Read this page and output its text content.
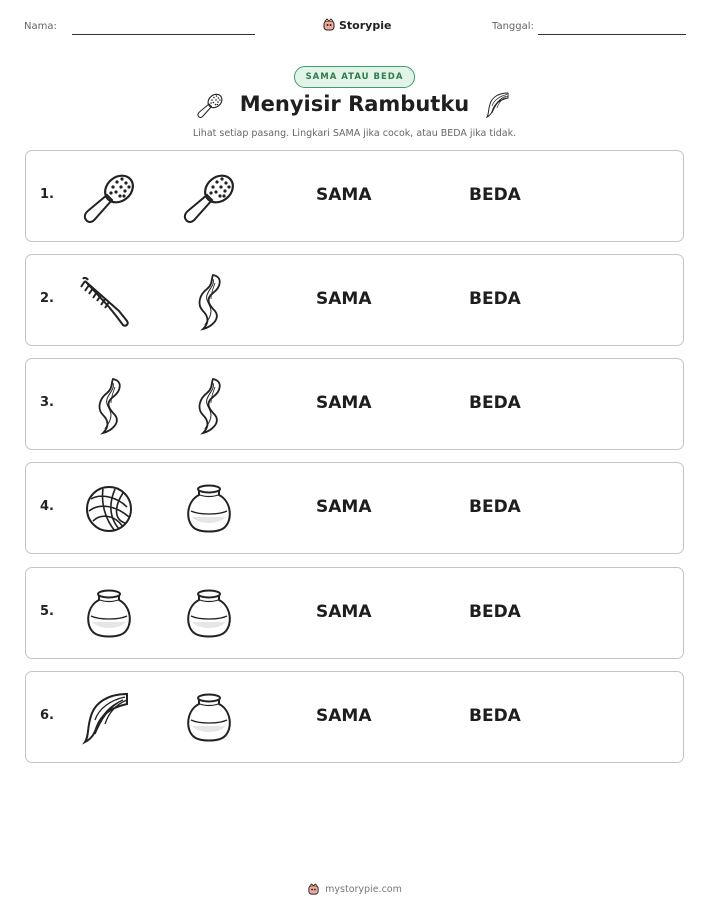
Nama:	Storypie	Tanggal:
SAMA ATAU BEDA
Menyisir Rambutku
Lihat setiap pasang. Lingkari SAMA jika cocok, atau BEDA jika tidak.
1.	SAMA	BEDA
2.	SAMA	BEDA
3.	SAMA	BEDA
4.	SAMA	BEDA
5.	SAMA	BEDA
6.	SAMA	BEDA
mystorypie.com
